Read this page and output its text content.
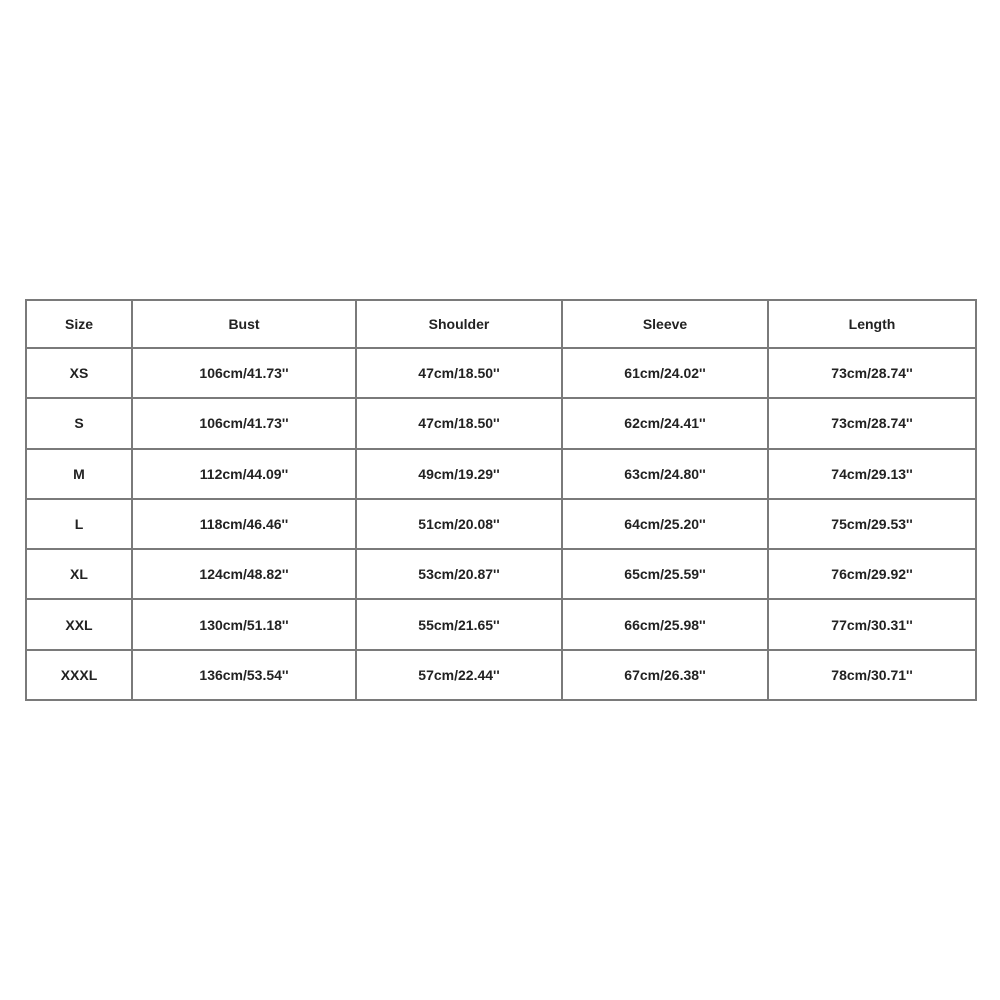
Size	Bust	Shoulder	Sleeve	Length
XS	106cm/41.73''	47cm/18.50''	61cm/24.02''	73cm/28.74''
S	106cm/41.73''	47cm/18.50''	62cm/24.41''	73cm/28.74''
M	112cm/44.09''	49cm/19.29''	63cm/24.80''	74cm/29.13''
L	118cm/46.46''	51cm/20.08''	64cm/25.20''	75cm/29.53''
XL	124cm/48.82''	53cm/20.87''	65cm/25.59''	76cm/29.92''
XXL	130cm/51.18''	55cm/21.65''	66cm/25.98''	77cm/30.31''
XXXL	136cm/53.54''	57cm/22.44''	67cm/26.38''	78cm/30.71''
